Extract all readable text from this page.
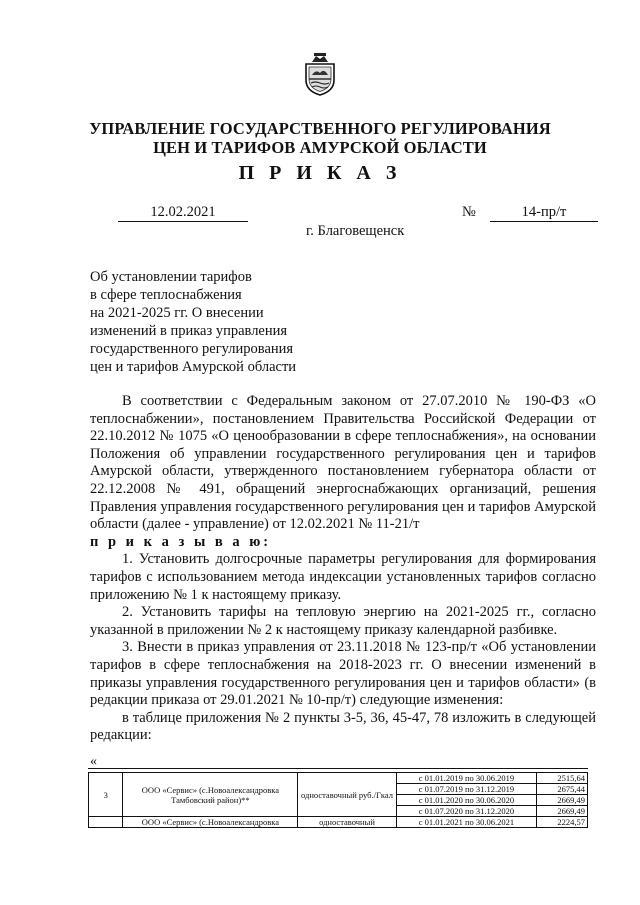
УПРАВЛЕНИЕ ГОСУДАРСТВЕННОГО РЕГУЛИРОВАНИЯ
ЦЕН И ТАРИФОВ АМУРСКОЙ ОБЛАСТИ
П Р И К А З
12.02.2021	№	14-пр/т
г. Благовещенск
Об установлении тарифов
в сфере теплоснабжения
на 2021-2025 гг. О внесении
изменений в приказ управления
государственного регулирования
цен и тарифов Амурской области

В соответствии с Федеральным законом от 27.07.2010 № 190-ФЗ «О теплоснабжении», постановлением Правительства Российской Федерации от 22.10.2012 № 1075 «О ценообразовании в сфере теплоснабжения», на основании Положения об управлении государственного регулирования цен и тарифов Амурской области, утвержденного постановлением губернатора области от 22.12.2008 № 491, обращений энергоснабжающих организаций, решения Правления управления государственного регулирования цен и тарифов Амурской области (далее - управление) от 12.02.2021 № 11-21/т

п р и к а з ы в а ю:

1. Установить долгосрочные параметры регулирования для формирования тарифов с использованием метода индексации установленных тарифов согласно приложению № 1 к настоящему приказу.

2. Установить тарифы на тепловую энергию на 2021-2025 гг., согласно указанной в приложении № 2 к настоящему приказу календарной разбивке.

3. Внести в приказ управления от 23.11.2018 № 123-пр/т «Об установлении тарифов в сфере теплоснабжения на 2018-2023 гг. О внесении изменений в приказы управления государственного регулирования цен и тарифов области» (в редакции приказа от 29.01.2021 № 10-пр/т) следующие изменения:

в таблице приложения № 2 пункты 3-5, 36, 45-47, 78 изложить в следующей редакции:

«
3	ООО «Сервис» (с.Новоалександровка Тамбовский район)**	одноставочный руб./Гкал	с 01.01.2019 по 30.06.2019	2515,64
			с 01.07.2019 по 31.12.2019	2675,44
			с 01.01.2020 по 30.06.2020	2669,49
			с 01.07.2020 по 31.12.2020	2669,49
	ООО «Сервис» (с.Новоалександровка	одноставочный	с 01.01.2021 по 30.06.2021	2224,57
